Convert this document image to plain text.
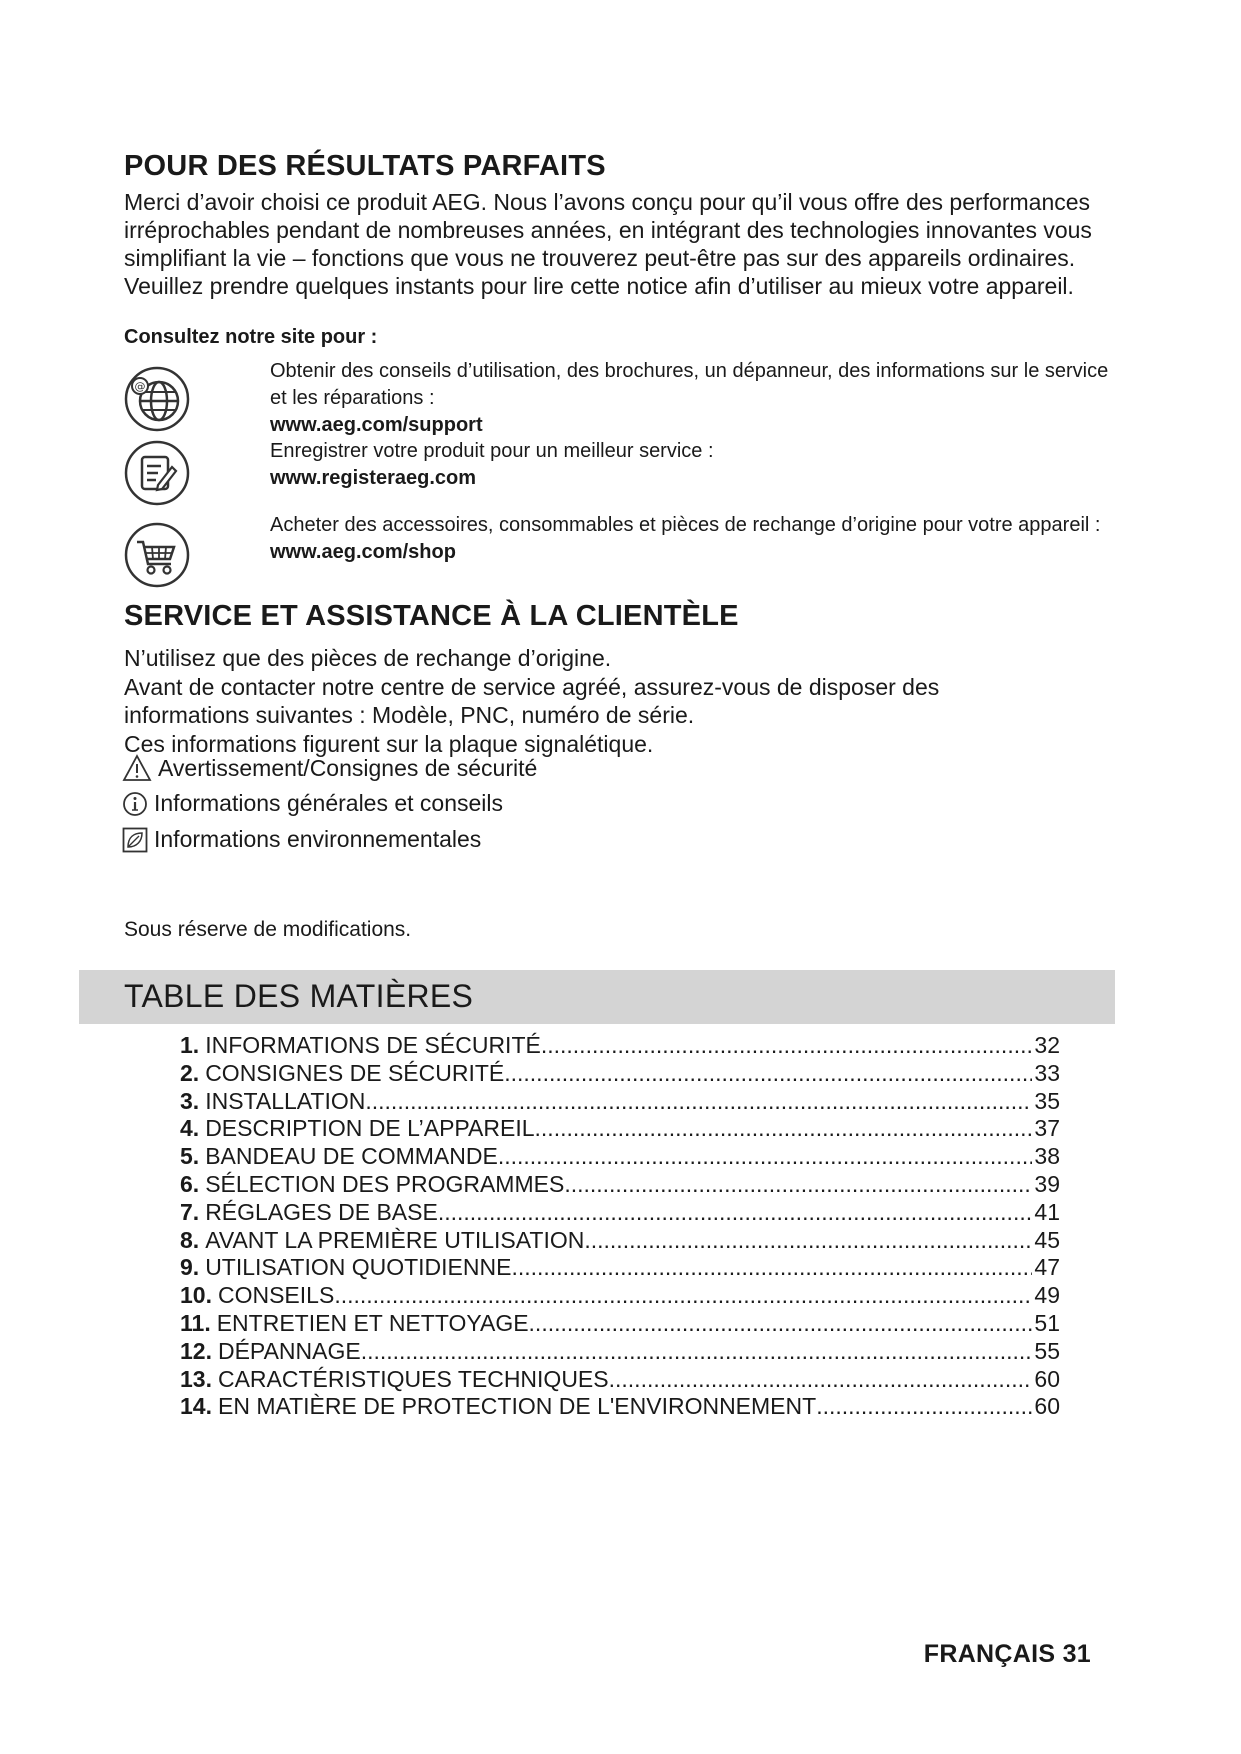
POUR DES RÉSULTATS PARFAITS

Merci d’avoir choisi ce produit AEG. Nous l’avons conçu pour qu’il vous offre des performances irréprochables pendant de nombreuses années, en intégrant des technologies innovantes vous simplifiant la vie – fonctions que vous ne trouverez peut-être pas sur des appareils ordinaires. Veuillez prendre quelques instants pour lire cette notice afin d’utiliser au mieux votre appareil.

Consultez notre site pour :

@
Obtenir des conseils d’utilisation, des brochures, un dépanneur, des informations sur le service et les réparations :
www.aeg.com/support
Enregistrer votre produit pour un meilleur service :
www.registeraeg.com
Acheter des accessoires, consommables et pièces de rechange d’origine pour votre appareil :
www.aeg.com/shop
SERVICE ET ASSISTANCE À LA CLIENTÈLE
N’utilisez que des pièces de rechange d’origine.
Avant de contacter notre centre de service agréé, assurez-vous de disposer des
informations suivantes : Modèle, PNC, numéro de série.
Ces informations figurent sur la plaque signalétique.
Avertissement/Consignes de sécurité
Informations générales et conseils
Informations environnementales
Sous réserve de modifications.
TABLE DES MATIÈRES
1. INFORMATIONS DE SÉCURITÉ .....	32
2. CONSIGNES DE SÉCURITÉ .....	33
3. INSTALLATION .....	35
4. DESCRIPTION DE L’APPAREIL .....	37
5. BANDEAU DE COMMANDE .....	38
6. SÉLECTION DES PROGRAMMES .....	39
7. RÉGLAGES DE BASE .....	41
8. AVANT LA PREMIÈRE UTILISATION .....	45
9. UTILISATION QUOTIDIENNE .....	47
10. CONSEILS .....	49
11. ENTRETIEN ET NETTOYAGE .....	51
12. DÉPANNAGE .....	55
13. CARACTÉRISTIQUES TECHNIQUES .....	60
14. EN MATIÈRE DE PROTECTION DE L'ENVIRONNEMENT .....	60
FRANÇAIS 31
